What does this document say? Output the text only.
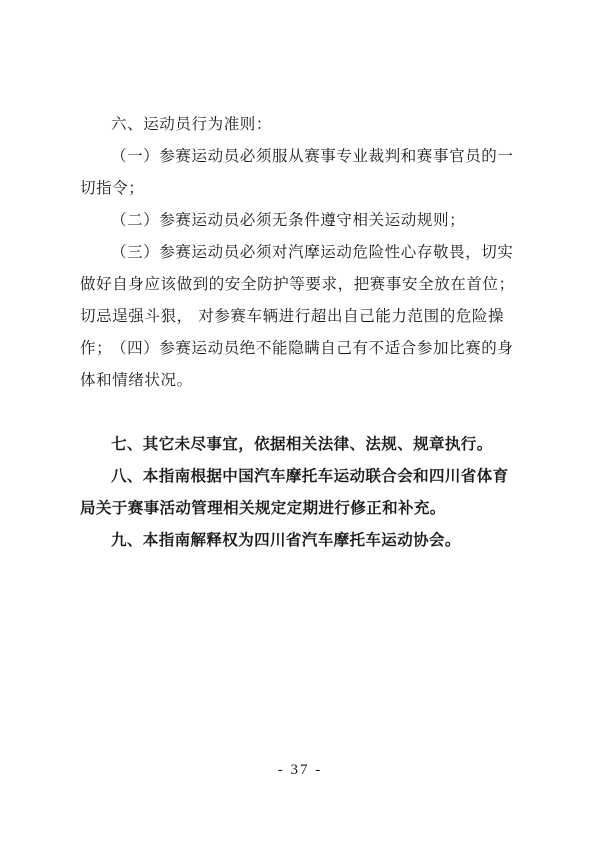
六、运动员行为准则：
（一）参赛运动员必须服从赛事专业裁判和赛事官员的一切指令；
（二）参赛运动员必须无条件遵守相关运动规则；
（三）参赛运动员必须对汽摩运动危险性心存敬畏，切实做好自身应该做到的安全防护等要求，把赛事安全放在首位；切忌逞强斗狠， 对参赛车辆进行超出自己能力范围的危险操作；
（四）参赛运动员绝不能隐瞒自己有不适合参加比赛的身体和情绪状况。
七、其它未尽事宜，依据相关法律、法规、规章执行。
八、本指南根据中国汽车摩托车运动联合会和四川省体育局关于赛事活动管理相关规定定期进行修正和补充。
九、本指南解释权为四川省汽车摩托车运动协会。
- 37 -
